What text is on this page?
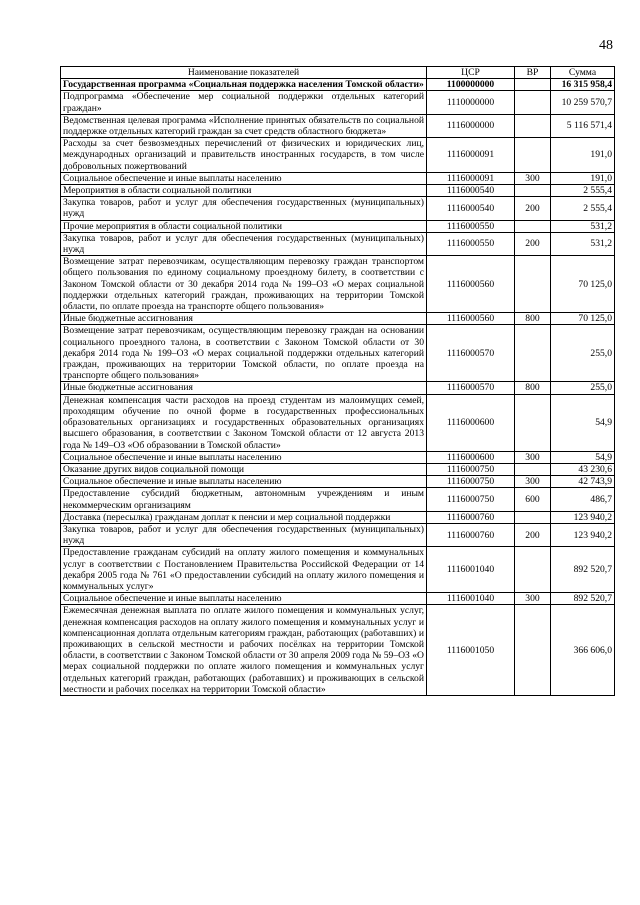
48
Наименование показателей	ЦСР	ВР	Сумма
Государственная программа «Социальная поддержка населения Томской области»	1100000000		16 315 958,4
Подпрограмма «Обеспечение мер социальной поддержки отдельных категорий граждан»	1110000000		10 259 570,7
Ведомственная целевая программа «Исполнение принятых обязательств по социальной поддержке отдельных категорий граждан за счет средств областного бюджета»	1116000000		5 116 571,4
Расходы за счет безвозмездных перечислений от физических и юридических лиц, международных организаций и правительств иностранных государств, в том числе добровольных пожертвований	1116000091		191,0
Социальное обеспечение и иные выплаты населению	1116000091	300	191,0
Мероприятия в области социальной политики	1116000540		2 555,4
Закупка товаров, работ и услуг для обеспечения государственных (муниципальных) нужд	1116000540	200	2 555,4
Прочие мероприятия в области социальной политики	1116000550		531,2
Закупка товаров, работ и услуг для обеспечения государственных (муниципальных) нужд	1116000550	200	531,2
Возмещение затрат перевозчикам, осуществляющим перевозку граждан транспортом общего пользования по единому социальному проездному билету, в соответствии с Законом Томской области от 30 декабря 2014 года № 199–ОЗ «О мерах социальной поддержки отдельных категорий граждан, проживающих на территории Томской области, по оплате проезда на транспорте общего пользования»	1116000560		70 125,0
Иные бюджетные ассигнования	1116000560	800	70 125,0
Возмещение затрат перевозчикам, осуществляющим перевозку граждан на основании социального проездного талона, в соответствии с Законом Томской области от 30 декабря 2014 года № 199–ОЗ «О мерах социальной поддержки отдельных категорий граждан, проживающих на территории Томской области, по оплате проезда на транспорте общего пользования»	1116000570		255,0
Иные бюджетные ассигнования	1116000570	800	255,0
Денежная компенсация части расходов на проезд студентам из малоимущих семей, проходящим обучение по очной форме в государственных профессиональных образовательных организациях и государственных образовательных организациях высшего образования, в соответствии с Законом Томской области от 12 августа 2013 года № 149–ОЗ «Об образовании в Томской области»	1116000600		54,9
Социальное обеспечение и иные выплаты населению	1116000600	300	54,9
Оказание других видов социальной помощи	1116000750		43 230,6
Социальное обеспечение и иные выплаты населению	1116000750	300	42 743,9
Предоставление субсидий бюджетным, автономным учреждениям и иным некоммерческим организациям	1116000750	600	486,7
Доставка (пересылка) гражданам доплат к пенсии и мер социальной поддержки	1116000760		123 940,2
Закупка товаров, работ и услуг для обеспечения государственных (муниципальных) нужд	1116000760	200	123 940,2
Предоставление гражданам субсидий на оплату жилого помещения и коммунальных услуг в соответствии с Постановлением Правительства Российской Федерации от 14 декабря 2005 года № 761 «О предоставлении субсидий на оплату жилого помещения и коммунальных услуг»	1116001040		892 520,7
Социальное обеспечение и иные выплаты населению	1116001040	300	892 520,7
Ежемесячная денежная выплата по оплате жилого помещения и коммунальных услуг, денежная компенсация расходов на оплату жилого помещения и коммунальных услуг и компенсационная доплата отдельным категориям граждан, работающих (работавших) и проживающих в сельской местности и рабочих посёлках на территории Томской области, в соответствии с Законом Томской области от 30 апреля 2009 года № 59–ОЗ «О мерах социальной поддержки по оплате жилого помещения и коммунальных услуг отдельных категорий граждан, работающих (работавших) и проживающих в сельской местности и рабочих поселках на территории Томской области»	1116001050		366 606,0
